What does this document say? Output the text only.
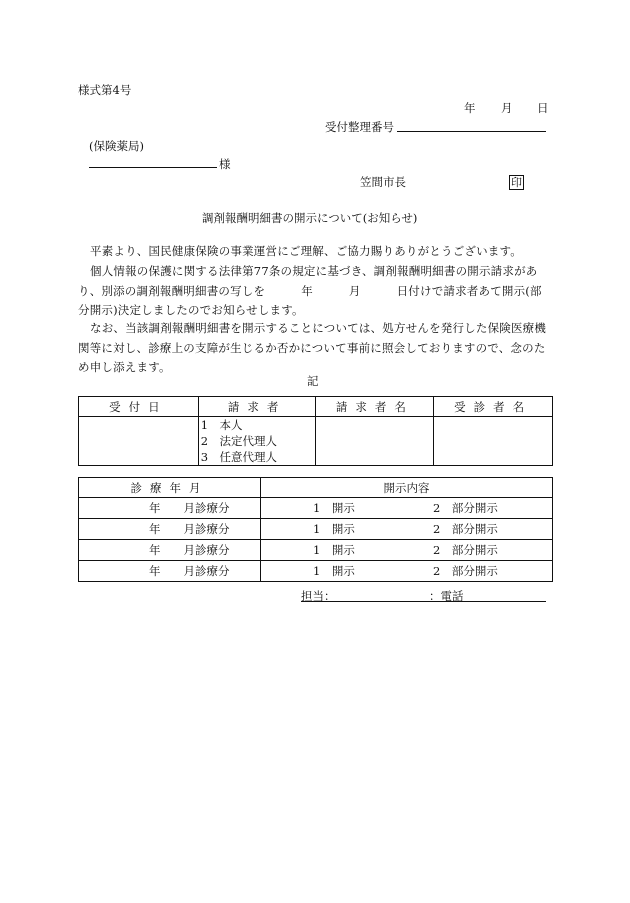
様式第4号
年 月 日
受付整理番号
(保険薬局)
様
笠間市長	印
調剤報酬明細書の開示について(お知らせ)

平素より、国民健康保険の事業運営にご理解、ご協力賜りありがとうございます。

個人情報の保護に関する法律第77条の規定に基づき、調剤報酬明細書の開示請求があり、別添の調剤報酬明細書の写しを	年	月	日付けで請求者あて開示(部分開示)決定しましたのでお知らせします。

なお、当該調剤報酬明細書を開示することについては、処方せんを発行した保険医療機関等に対し、診療上の支障が生じるか否かについて事前に照会しておりますので、念のため申し添えます。

記
受付日	請求者	請求者名	受診者名

	1　本人
2　法定代理人
3　任意代理人		

診療年月	開示内容
年　　月診療分	1　開示 2　部分開示
年　　月診療分	1　開示 2　部分開示
年　　月診療分	1　開示 2　部分開示
年　　月診療分	1　開示 2　部分開示
担当：	：電話
